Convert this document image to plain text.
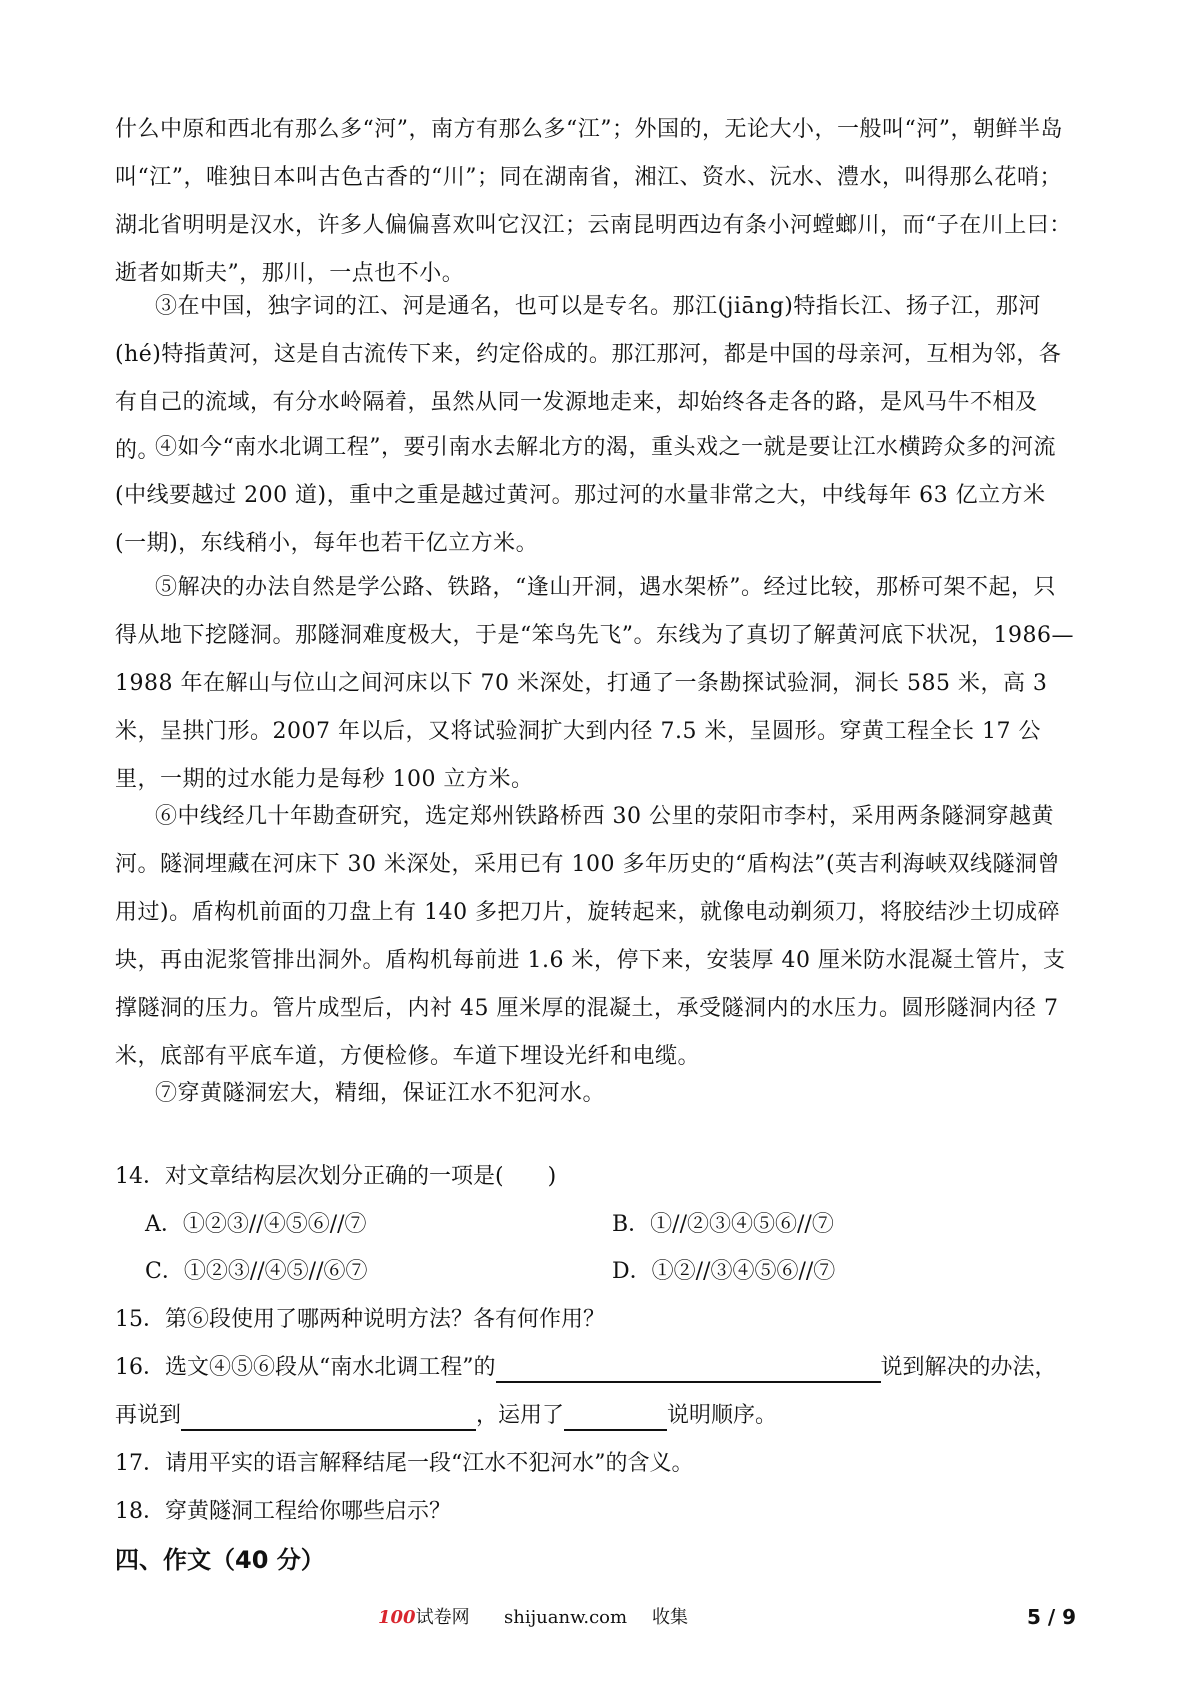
什么中原和西北有那么多“河”，南方有那么多“江”；外国的，无论大小，一般叫“河”，朝鲜半岛叫“江”，唯独日本叫古色古香的“川”；同在湖南省，湘江、资水、沅水、澧水，叫得那么花哨；湖北省明明是汉水，许多人偏偏喜欢叫它汉江；云南昆明西边有条小河螳螂川，而“子在川上曰：逝者如斯夫”，那川，一点也不小。
③在中国，独字词的江、河是通名，也可以是专名。那江(jiāng)特指长江、扬子江，那河(hé)特指黄河，这是自古流传下来，约定俗成的。那江那河，都是中国的母亲河，互相为邻，各有自己的流域，有分水岭隔着，虽然从同一发源地走来，却始终各走各的路，是风马牛不相及的。
④如今“南水北调工程”，要引南水去解北方的渴，重头戏之一就是要让江水横跨众多的河流(中线要越过 200 道)，重中之重是越过黄河。那过河的水量非常之大，中线每年 63 亿立方米(一期)，东线稍小，每年也若干亿立方米。
⑤解决的办法自然是学公路、铁路，“逢山开洞，遇水架桥”。经过比较，那桥可架不起，只得从地下挖隧洞。那隧洞难度极大，于是“笨鸟先飞”。东线为了真切了解黄河底下状况，1986—1988 年在解山与位山之间河床以下 70 米深处，打通了一条勘探试验洞，洞长 585 米，高 3 米，呈拱门形。2007 年以后，又将试验洞扩大到内径 7.5 米，呈圆形。穿黄工程全长 17 公里，一期的过水能力是每秒 100 立方米。
⑥中线经几十年勘查研究，选定郑州铁路桥西 30 公里的荥阳市李村，采用两条隧洞穿越黄河。隧洞埋藏在河床下 30 米深处，采用已有 100 多年历史的“盾构法”(英吉利海峡双线隧洞曾用过)。盾构机前面的刀盘上有 140 多把刀片，旋转起来，就像电动剃须刀，将胶结沙土切成碎块，再由泥浆管排出洞外。盾构机每前进 1.6 米，停下来，安装厚 40 厘米防水混凝土管片，支撑隧洞的压力。管片成型后，内衬 45 厘米厚的混凝土，承受隧洞内的水压力。圆形隧洞内径 7 米，底部有平底车道，方便检修。车道下埋设光纤和电缆。
⑦穿黄隧洞宏大，精细，保证江水不犯河水。
14．对文章结构层次划分正确的一项是(　　)
A．①②③//④⑤⑥//⑦	B．①//②③④⑤⑥//⑦
C．①②③//④⑤//⑥⑦	D．①②//③④⑤⑥//⑦
15．第⑥段使用了哪两种说明方法？各有何作用？
16．选文④⑤⑥段从“南水北调工程”的	说到解决的办法，
再说到	，运用了	说明顺序。
17．请用平实的语言解释结尾一段“江水不犯河水”的含义。
18．穿黄隧洞工程给你哪些启示？
四、作文（40 分）
100试卷网 shijuanw.com 收集	5 / 9
